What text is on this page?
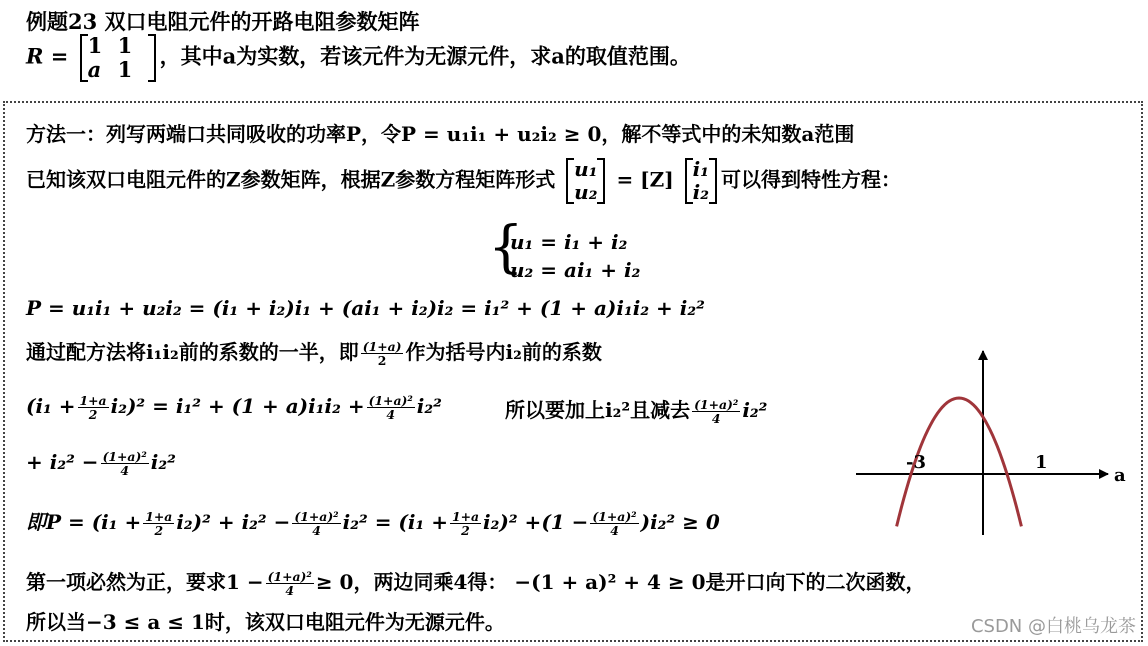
例题23 双口电阻元件的开路电阻参数矩阵
R = 1 1
a 1
，其中a为实数，若该元件为无源元件，求a的取值范围。
方法一：列写两端口共同吸收的功率P，令P = u₁i₁ + u₂i₂ ≥ 0，解不等式中的未知数a范围
已知该双口电阻元件的Z参数矩阵，根据Z参数方程矩阵形式 u₁
u₂
= [Z] i₁
i₂
可以得到特性方程：
{
u₁ = i₁ + i₂
u₂ = ai₁ + i₂
P = u₁i₁ + u₂i₂ = (i₁ + i₂)i₁ + (ai₁ + i₂)i₂ = i₁² + (1 + a)i₁i₂ + i₂²
通过配方法将i₁i₂前的系数的一半，即 $\frac{(1+a)}{2}$ 作为括号内i₂前的系数
$(i_1 + \frac{1+a}{2} i_2)^2 = i_1^2 + (1 + a)i_1i_2 + \frac{\text{(1+a)²}}{4} i_2^2$	所以要加上i₂²且减去 $\frac{\text{(1+a)²}}{4} i_2^2$
+ $i_2^2 - \frac{\text{(1+a)²}}{4} i_2^2$
即$P = (i_1 + \frac{1+a}{2} i_2)^2 + i_2^2 - \frac{\text{(1+a)²}}{4} i_2^2 = (i_1 + \frac{1+a}{2} i_2)^2 +(1 - \frac{\text{(1+a)²}}{4} )i_2^2 \ge 0$
第一项必然为正，要求$1 - \frac{\text{(1+a)²}}{4} \ge 0$，两边同乘4得： −(1 + a)² + 4 ≥ 0是开口向下的二次函数，
所以当−3 ≤ a ≤ 1时，该双口电阻元件为无源元件。
-3	1
a
CSDN @白桃乌龙茶
